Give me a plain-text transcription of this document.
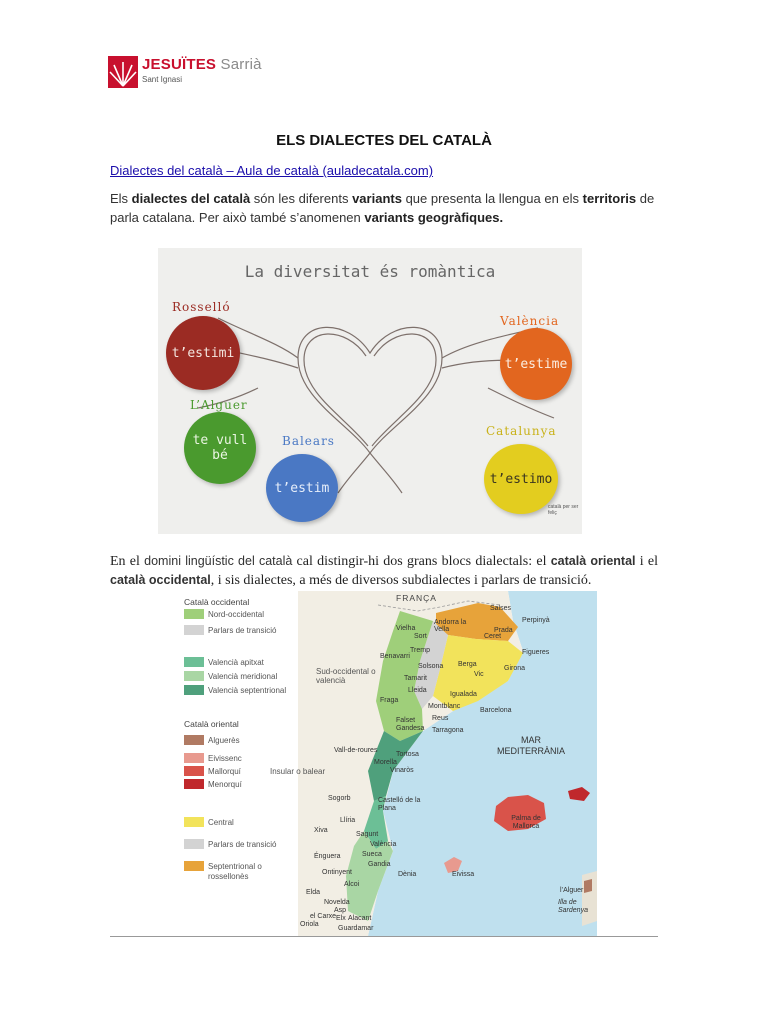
JESUÏTES Sarrià
Sant Ignasi
ELS DIALECTES DEL CATALÀ
Dialectes del català – Aula de català (auladecatala.com)
Els dialectes del català són les diferents variants que presenta la llengua en els territoris de parla catalana. Per això també s’anomenen variants geogràfiques.
La diversitat és romàntica
Rosselló
t’estimi
València
t’estime
L’Alguer
te vull bé
Balears
t’estim
Catalunya
t’estimo
català per ser feliç
En el domini lingüístic del català cal distingir-hi dos grans blocs dialectals: el català oriental i el català occidental, i sis dialectes, a més de diversos subdialectes i parlars de transició.
Català occidental
Nord-occidental
Parlars de transició
Valencià apitxat
Valencià meridional
Valencià septentrional
Sud-occidental o valencià
Català oriental
Alguerès
Eivissenc
Mallorquí
Menorquí
Insular o balear
Central
Parlars de transició
Septentrional o rossellonès
FRANÇA
MAR MEDITERRÀNIA
Salses
Perpinyà
Andorra la Vella	Prada
Ceret
Vielha
Sort
Tremp	Figueres
Benavarri
Berga
Girona
Vic
Solsona
Tamarit
Igualada
Lleida
Fraga
Montblanc
Barcelona
Reus
Falset
Gandesa Tarragona
Vall-de-roures
Tortosa
Morella
Vinaròs
Sogorb	Castelló de la Plana
Llíria
Xiva
Sagunt
València
Sueca
Gandia
Dènia
Énguera
Ontinyent
Alcoi
Elda
Novelda
Asp
el Carxe Elx Alacant
Oriola
Guardamar
Palma de Mallorca
Eivissa
l’Alguer
Illa de Sardenya
